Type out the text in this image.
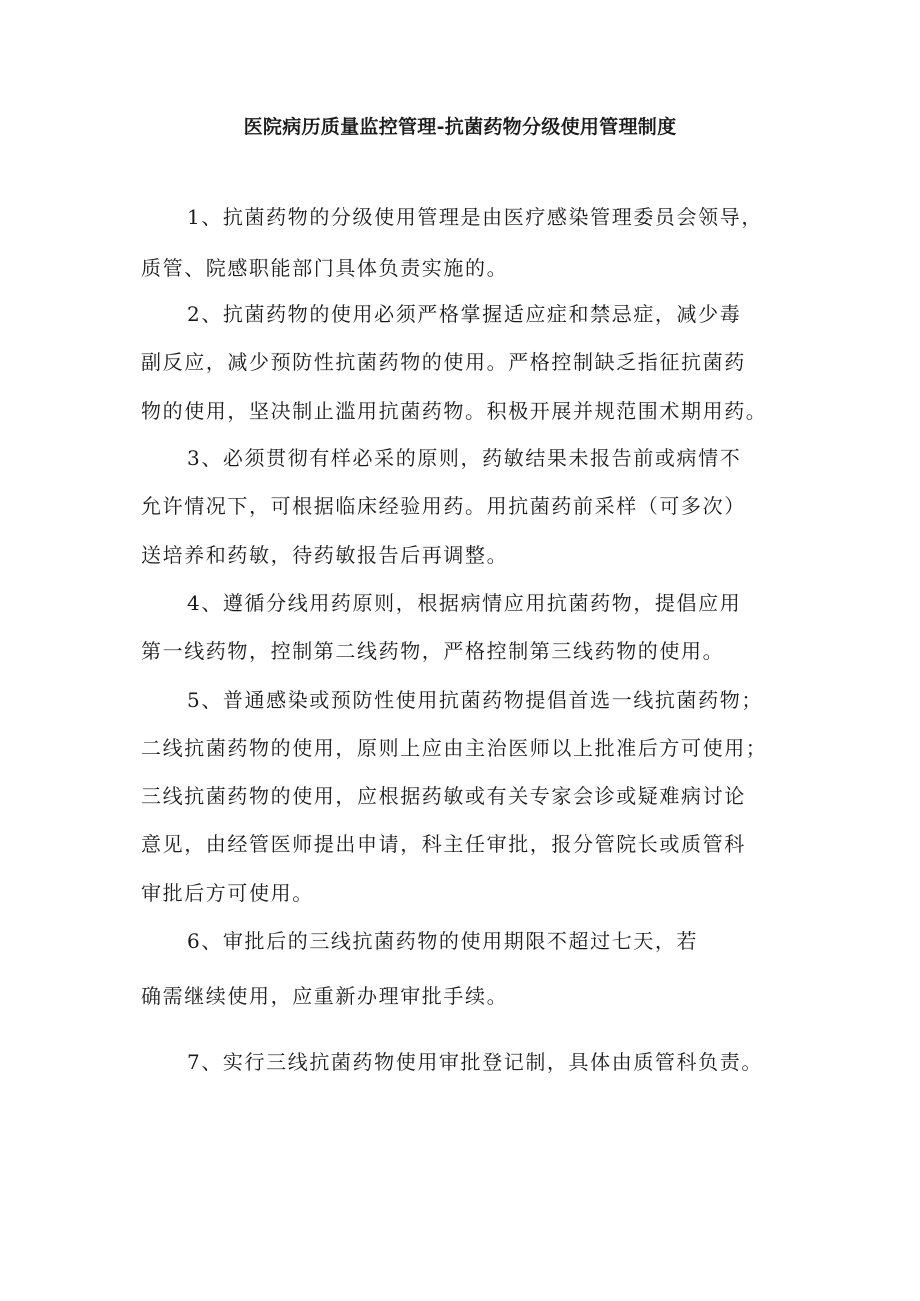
医院病历质量监控管理-抗菌药物分级使用管理制度
1、抗菌药物的分级使用管理是由医疗感染管理委员会领导，
质管、院感职能部门具体负责实施的。
2、抗菌药物的使用必须严格掌握适应症和禁忌症，减少毒
副反应，减少预防性抗菌药物的使用。严格控制缺乏指征抗菌药
物的使用，坚决制止滥用抗菌药物。积极开展并规范围术期用药。
3、必须贯彻有样必采的原则，药敏结果未报告前或病情不
允许情况下，可根据临床经验用药。用抗菌药前采样（可多次）
送培养和药敏，待药敏报告后再调整。
4、遵循分线用药原则，根据病情应用抗菌药物，提倡应用
第一线药物，控制第二线药物，严格控制第三线药物的使用。
5、普通感染或预防性使用抗菌药物提倡首选一线抗菌药物；
二线抗菌药物的使用，原则上应由主治医师以上批准后方可使用；
三线抗菌药物的使用，应根据药敏或有关专家会诊或疑难病讨论
意见，由经管医师提出申请，科主任审批，报分管院长或质管科
审批后方可使用。
6、审批后的三线抗菌药物的使用期限不超过七天，若
确需继续使用，应重新办理审批手续。
7、实行三线抗菌药物使用审批登记制，具体由质管科负责。
